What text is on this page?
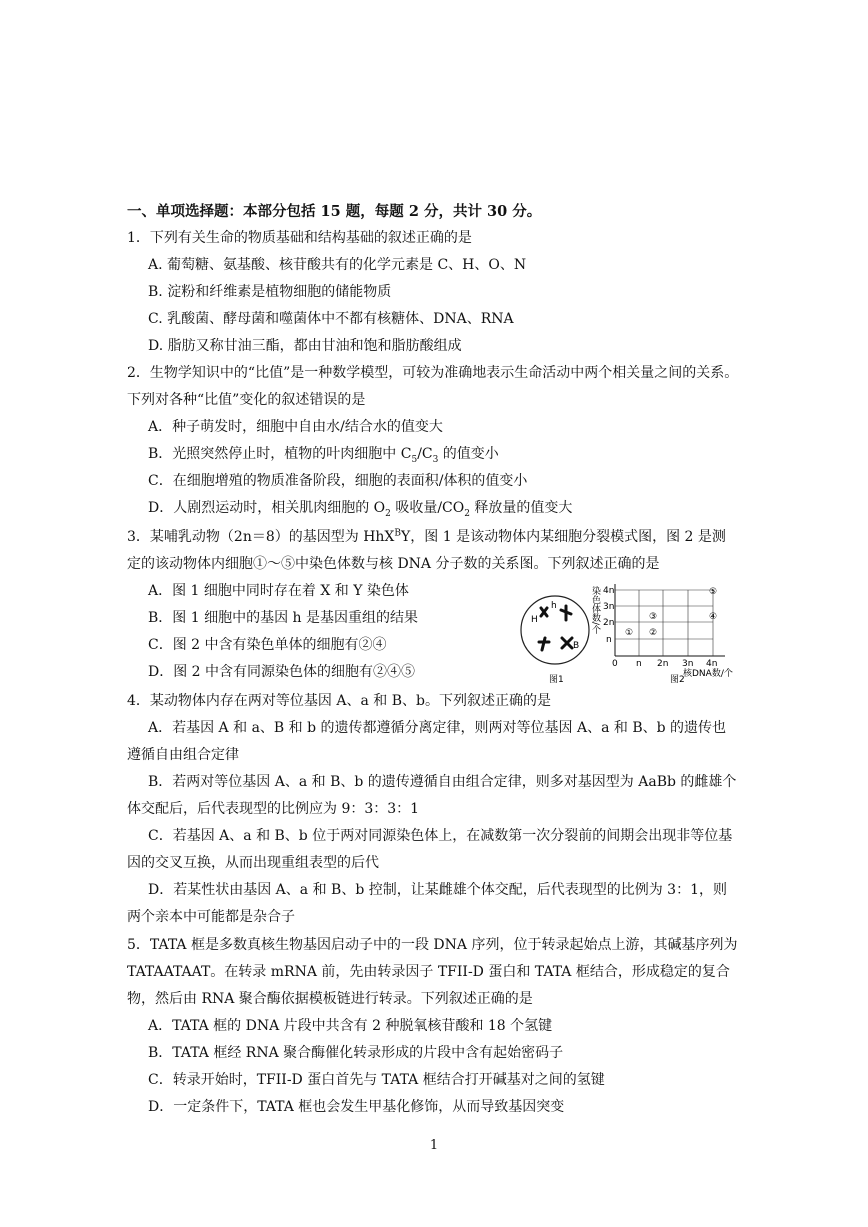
一、单项选择题：本部分包括 15 题，每题 2 分，共计 30 分。
1．下列有关生命的物质基础和结构基础的叙述正确的是
A. 葡萄糖、氨基酸、核苷酸共有的化学元素是 C、H、O、N
B. 淀粉和纤维素是植物细胞的储能物质
C. 乳酸菌、酵母菌和噬菌体中不都有核糖体、DNA、RNA
D. 脂肪又称甘油三酯，都由甘油和饱和脂肪酸组成
2．生物学知识中的“比值”是一种数学模型，可较为准确地表示生命活动中两个相关量之间的关系。下列对各种“比值”变化的叙述错误的是
A．种子萌发时，细胞中自由水/结合水的值变大
B．光照突然停止时，植物的叶肉细胞中 $C_5/C_3$ 的值变小
C．在细胞增殖的物质准备阶段，细胞的表面积/体积的值变小
D．人剧烈运动时，相关肌肉细胞的 $O_2$ 吸收量$/CO_2$ 释放量的值变大
3．某哺乳动物（2n＝8）的基因型为 HhX$^B$Y，图 1 是该动物体内某细胞分裂模式图，图 2 是测定的该动物体内细胞①～⑤中染色体数与核 DNA 分子数的关系图。下列叙述正确的是
A．图 1 细胞中同时存在着 X 和 Y 染色体
B．图 1 细胞中的基因 h 是基因重组的结果
C．图 2 中含有染色单体的细胞有②④
D．图 2 中含有同源染色体的细胞有②④⑤
H
h
B
图1
4n
3n
2n
n
染色体数/个
0 n 2n 3n 4n
核DNA数/个
① ②
③	④
⑤
图2
4．某动物体内存在两对等位基因 A、a 和 B、b。下列叙述正确的是
A．若基因 A 和 a、B 和 b 的遗传都遵循分离定律，则两对等位基因 A、a 和 B、b 的遗传也遵循自由组合定律
B．若两对等位基因 A、a 和 B、b 的遗传遵循自由组合定律，则多对基因型为 AaBb 的雌雄个体交配后，后代表现型的比例应为 9：3：3：1
C．若基因 A、a 和 B、b 位于两对同源染色体上，在减数第一次分裂前的间期会出现非等位基因的交叉互换，从而出现重组表型的后代
D．若某性状由基因 A、a 和 B、b 控制，让某雌雄个体交配，后代表现型的比例为 3：1，则两个亲本中可能都是杂合子
5．TATA 框是多数真核生物基因启动子中的一段 DNA 序列，位于转录起始点上游，其碱基序列为 TATAATAAT。在转录 mRNA 前，先由转录因子 TFII-D 蛋白和 TATA 框结合，形成稳定的复合物，然后由 RNA 聚合酶依据模板链进行转录。下列叙述正确的是
A．TATA 框的 DNA 片段中共含有 2 种脱氧核苷酸和 18 个氢键
B．TATA 框经 RNA 聚合酶催化转录形成的片段中含有起始密码子
C．转录开始时，TFII-D 蛋白首先与 TATA 框结合打开碱基对之间的氢键
D．一定条件下，TATA 框也会发生甲基化修饰，从而导致基因突变
1
